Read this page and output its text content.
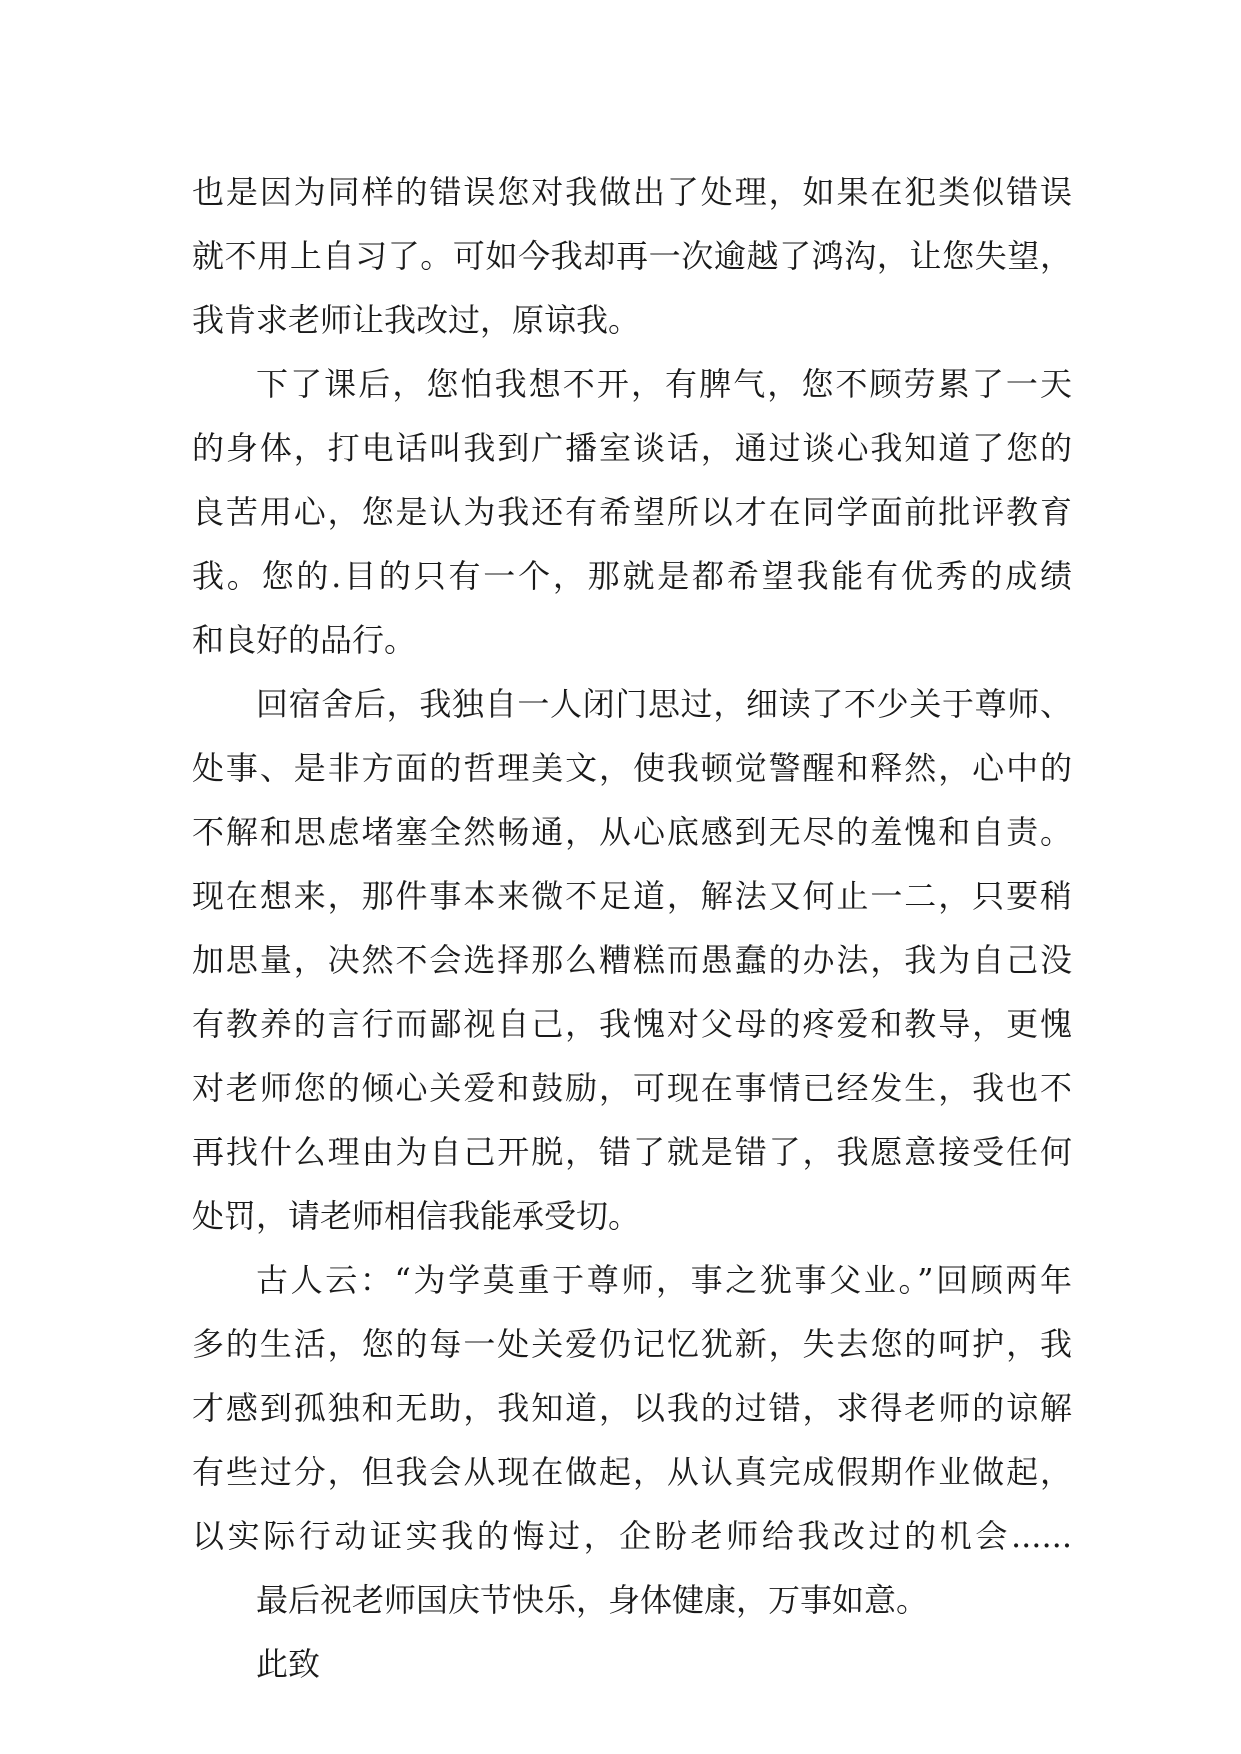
也是因为同样的错误您对我做出了处理，如果在犯类似错误
就不用上自习了。可如今我却再一次逾越了鸿沟，让您失望，
我肯求老师让我改过，原谅我。
下了课后，您怕我想不开，有脾气，您不顾劳累了一天
的身体，打电话叫我到广播室谈话，通过谈心我知道了您的
良苦用心，您是认为我还有希望所以才在同学面前批评教育
我。您的.目的只有一个，那就是都希望我能有优秀的成绩
和良好的品行。
回宿舍后，我独自一人闭门思过，细读了不少关于尊师、
处事、是非方面的哲理美文，使我顿觉警醒和释然，心中的
不解和思虑堵塞全然畅通，从心底感到无尽的羞愧和自责。
现在想来，那件事本来微不足道，解法又何止一二，只要稍
加思量，决然不会选择那么糟糕而愚蠢的办法，我为自己没
有教养的言行而鄙视自己，我愧对父母的疼爱和教导，更愧
对老师您的倾心关爱和鼓励，可现在事情已经发生，我也不
再找什么理由为自己开脱，错了就是错了，我愿意接受任何
处罚，请老师相信我能承受切。
古人云：“为学莫重于尊师，事之犹事父业。”回顾两年
多的生活，您的每一处关爱仍记忆犹新，失去您的呵护，我
才感到孤独和无助，我知道，以我的过错，求得老师的谅解
有些过分，但我会从现在做起，从认真完成假期作业做起，
以实际行动证实我的悔过，企盼老师给我改过的机会......
最后祝老师国庆节快乐，身体健康，万事如意。
此致
